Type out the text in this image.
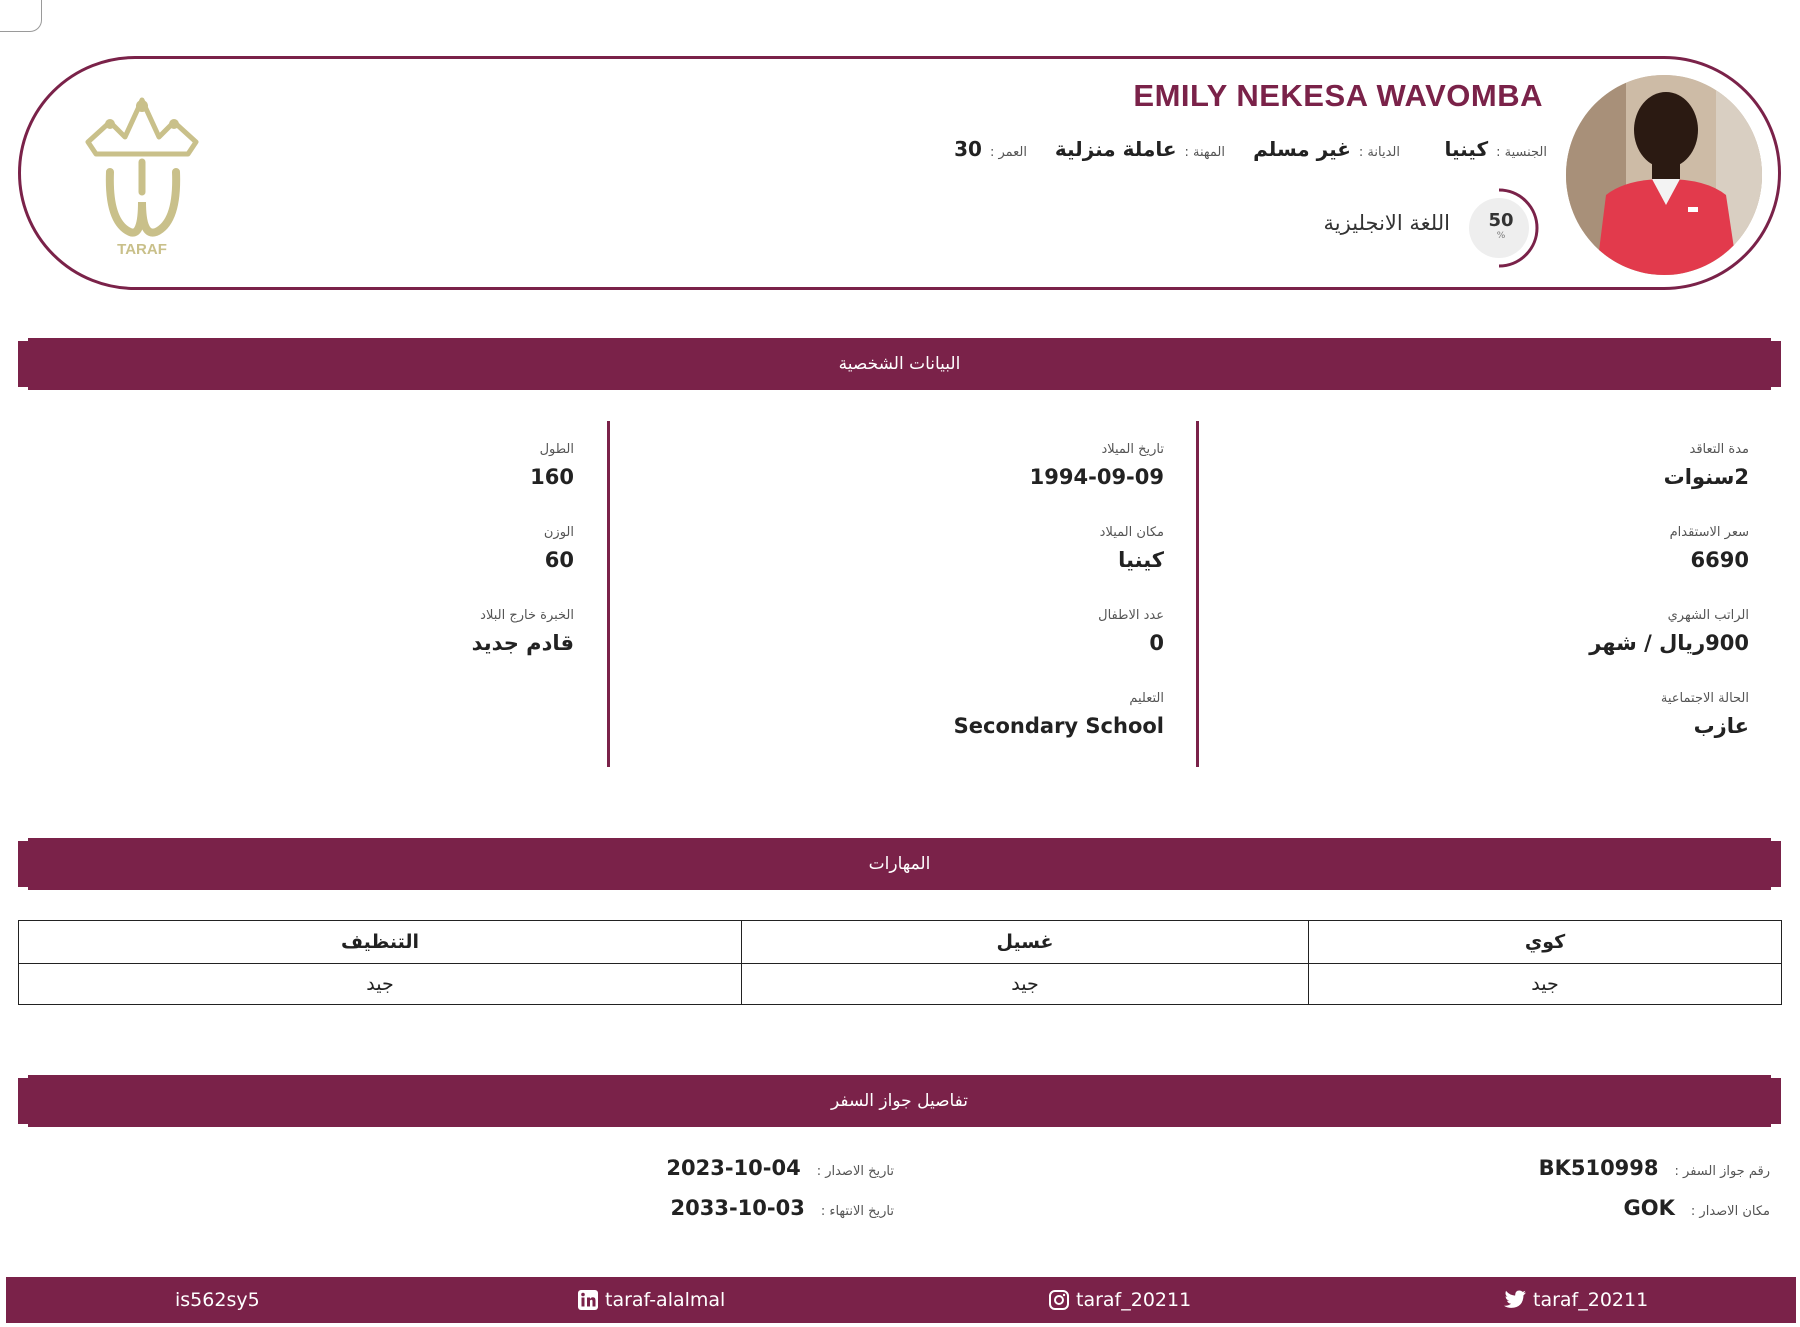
EMILY NEKESA WAVOMBA
الجنسية :
كينيا
الديانة :
غير مسلم
المهنة :
عاملة منزلية
العمر :
30
50
%
اللغة الانجليزية
TARAF
البيانات الشخصية
مدة التعاقد
2سنوات
سعر الاستقدام
6690
الراتب الشهري
900ريال / شهر
الحالة الاجتماعية
عازب
تاريخ الميلاد
1994-09-09
مكان الميلاد
كينيا
عدد الاطفال
0
التعليم
Secondary School
الطول
160
الوزن
60
الخبرة خارج البلاد
قادم جديد
المهارات
كوي	غسيل	التنظيف
جيد	جيد	جيد
تفاصيل جواز السفر
رقم جواز السفر :
BK510998
مكان الاصدار :
GOK
تاريخ الاصدار :
2023-10-04
تاريخ الانتهاء :
2033-10-03
is562sy5	taraf-alalmal	taraf_20211	taraf_20211
